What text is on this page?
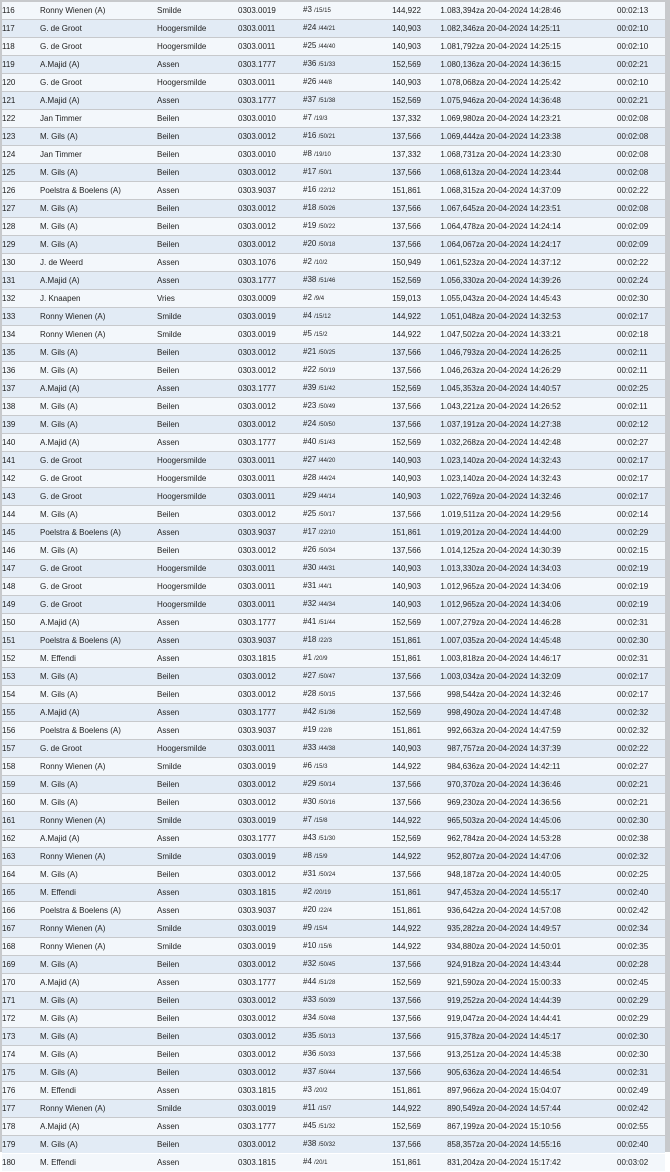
116	Ronny Wienen (A)	Smilde	0303.0019	#3 /15/15	144,922	1.083,394	za 20-04-2024 14:28:46	00:02:13
117	G. de Groot	Hoogersmilde	0303.0011	#24 /44/21	140,903	1.082,346	za 20-04-2024 14:25:11	00:02:10
118	G. de Groot	Hoogersmilde	0303.0011	#25 /44/40	140,903	1.081,792	za 20-04-2024 14:25:15	00:02:10
119	A.Majid (A)	Assen	0303.1777	#36 /51/33	152,569	1.080,136	za 20-04-2024 14:36:15	00:02:21
120	G. de Groot	Hoogersmilde	0303.0011	#26 /44/8	140,903	1.078,068	za 20-04-2024 14:25:42	00:02:10
121	A.Majid (A)	Assen	0303.1777	#37 /51/38	152,569	1.075,946	za 20-04-2024 14:36:48	00:02:21
122	Jan Timmer	Beilen	0303.0010	#7 /19/3	137,332	1.069,980	za 20-04-2024 14:23:21	00:02:08
123	M. Gils (A)	Beilen	0303.0012	#16 /50/21	137,566	1.069,444	za 20-04-2024 14:23:38	00:02:08
124	Jan Timmer	Beilen	0303.0010	#8 /19/10	137,332	1.068,731	za 20-04-2024 14:23:30	00:02:08
125	M. Gils (A)	Beilen	0303.0012	#17 /50/1	137,566	1.068,613	za 20-04-2024 14:23:44	00:02:08
126	Poelstra & Boelens (A)	Assen	0303.9037	#16 /22/12	151,861	1.068,315	za 20-04-2024 14:37:09	00:02:22
127	M. Gils (A)	Beilen	0303.0012	#18 /50/26	137,566	1.067,645	za 20-04-2024 14:23:51	00:02:08
128	M. Gils (A)	Beilen	0303.0012	#19 /50/22	137,566	1.064,478	za 20-04-2024 14:24:14	00:02:09
129	M. Gils (A)	Beilen	0303.0012	#20 /50/18	137,566	1.064,067	za 20-04-2024 14:24:17	00:02:09
130	J. de Weerd	Assen	0303.1076	#2 /10/2	150,949	1.061,523	za 20-04-2024 14:37:12	00:02:22
131	A.Majid (A)	Assen	0303.1777	#38 /51/46	152,569	1.056,330	za 20-04-2024 14:39:26	00:02:24
132	J. Knaapen	Vries	0303.0009	#2 /9/4	159,013	1.055,043	za 20-04-2024 14:45:43	00:02:30
133	Ronny Wienen (A)	Smilde	0303.0019	#4 /15/12	144,922	1.051,048	za 20-04-2024 14:32:53	00:02:17
134	Ronny Wienen (A)	Smilde	0303.0019	#5 /15/2	144,922	1.047,502	za 20-04-2024 14:33:21	00:02:18
135	M. Gils (A)	Beilen	0303.0012	#21 /50/25	137,566	1.046,793	za 20-04-2024 14:26:25	00:02:11
136	M. Gils (A)	Beilen	0303.0012	#22 /50/19	137,566	1.046,263	za 20-04-2024 14:26:29	00:02:11
137	A.Majid (A)	Assen	0303.1777	#39 /51/42	152,569	1.045,353	za 20-04-2024 14:40:57	00:02:25
138	M. Gils (A)	Beilen	0303.0012	#23 /50/49	137,566	1.043,221	za 20-04-2024 14:26:52	00:02:11
139	M. Gils (A)	Beilen	0303.0012	#24 /50/50	137,566	1.037,191	za 20-04-2024 14:27:38	00:02:12
140	A.Majid (A)	Assen	0303.1777	#40 /51/43	152,569	1.032,268	za 20-04-2024 14:42:48	00:02:27
141	G. de Groot	Hoogersmilde	0303.0011	#27 /44/20	140,903	1.023,140	za 20-04-2024 14:32:43	00:02:17
142	G. de Groot	Hoogersmilde	0303.0011	#28 /44/24	140,903	1.023,140	za 20-04-2024 14:32:43	00:02:17
143	G. de Groot	Hoogersmilde	0303.0011	#29 /44/14	140,903	1.022,769	za 20-04-2024 14:32:46	00:02:17
144	M. Gils (A)	Beilen	0303.0012	#25 /50/17	137,566	1.019,511	za 20-04-2024 14:29:56	00:02:14
145	Poelstra & Boelens (A)	Assen	0303.9037	#17 /22/10	151,861	1.019,201	za 20-04-2024 14:44:00	00:02:29
146	M. Gils (A)	Beilen	0303.0012	#26 /50/34	137,566	1.014,125	za 20-04-2024 14:30:39	00:02:15
147	G. de Groot	Hoogersmilde	0303.0011	#30 /44/31	140,903	1.013,330	za 20-04-2024 14:34:03	00:02:19
148	G. de Groot	Hoogersmilde	0303.0011	#31 /44/1	140,903	1.012,965	za 20-04-2024 14:34:06	00:02:19
149	G. de Groot	Hoogersmilde	0303.0011	#32 /44/34	140,903	1.012,965	za 20-04-2024 14:34:06	00:02:19
150	A.Majid (A)	Assen	0303.1777	#41 /51/44	152,569	1.007,279	za 20-04-2024 14:46:28	00:02:31
151	Poelstra & Boelens (A)	Assen	0303.9037	#18 /22/3	151,861	1.007,035	za 20-04-2024 14:45:48	00:02:30
152	M. Effendi	Assen	0303.1815	#1 /20/9	151,861	1.003,818	za 20-04-2024 14:46:17	00:02:31
153	M. Gils (A)	Beilen	0303.0012	#27 /50/47	137,566	1.003,034	za 20-04-2024 14:32:09	00:02:17
154	M. Gils (A)	Beilen	0303.0012	#28 /50/15	137,566	998,544	za 20-04-2024 14:32:46	00:02:17
155	A.Majid (A)	Assen	0303.1777	#42 /51/36	152,569	998,490	za 20-04-2024 14:47:48	00:02:32
156	Poelstra & Boelens (A)	Assen	0303.9037	#19 /22/8	151,861	992,663	za 20-04-2024 14:47:59	00:02:32
157	G. de Groot	Hoogersmilde	0303.0011	#33 /44/38	140,903	987,757	za 20-04-2024 14:37:39	00:02:22
158	Ronny Wienen (A)	Smilde	0303.0019	#6 /15/3	144,922	984,636	za 20-04-2024 14:42:11	00:02:27
159	M. Gils (A)	Beilen	0303.0012	#29 /50/14	137,566	970,370	za 20-04-2024 14:36:46	00:02:21
160	M. Gils (A)	Beilen	0303.0012	#30 /50/16	137,566	969,230	za 20-04-2024 14:36:56	00:02:21
161	Ronny Wienen (A)	Smilde	0303.0019	#7 /15/8	144,922	965,503	za 20-04-2024 14:45:06	00:02:30
162	A.Majid (A)	Assen	0303.1777	#43 /51/30	152,569	962,784	za 20-04-2024 14:53:28	00:02:38
163	Ronny Wienen (A)	Smilde	0303.0019	#8 /15/9	144,922	952,807	za 20-04-2024 14:47:06	00:02:32
164	M. Gils (A)	Beilen	0303.0012	#31 /50/24	137,566	948,187	za 20-04-2024 14:40:05	00:02:25
165	M. Effendi	Assen	0303.1815	#2 /20/19	151,861	947,453	za 20-04-2024 14:55:17	00:02:40
166	Poelstra & Boelens (A)	Assen	0303.9037	#20 /22/4	151,861	936,642	za 20-04-2024 14:57:08	00:02:42
167	Ronny Wienen (A)	Smilde	0303.0019	#9 /15/4	144,922	935,282	za 20-04-2024 14:49:57	00:02:34
168	Ronny Wienen (A)	Smilde	0303.0019	#10 /15/6	144,922	934,880	za 20-04-2024 14:50:01	00:02:35
169	M. Gils (A)	Beilen	0303.0012	#32 /50/45	137,566	924,918	za 20-04-2024 14:43:44	00:02:28
170	A.Majid (A)	Assen	0303.1777	#44 /51/28	152,569	921,590	za 20-04-2024 15:00:33	00:02:45
171	M. Gils (A)	Beilen	0303.0012	#33 /50/39	137,566	919,252	za 20-04-2024 14:44:39	00:02:29
172	M. Gils (A)	Beilen	0303.0012	#34 /50/48	137,566	919,047	za 20-04-2024 14:44:41	00:02:29
173	M. Gils (A)	Beilen	0303.0012	#35 /50/13	137,566	915,378	za 20-04-2024 14:45:17	00:02:30
174	M. Gils (A)	Beilen	0303.0012	#36 /50/33	137,566	913,251	za 20-04-2024 14:45:38	00:02:30
175	M. Gils (A)	Beilen	0303.0012	#37 /50/44	137,566	905,636	za 20-04-2024 14:46:54	00:02:31
176	M. Effendi	Assen	0303.1815	#3 /20/2	151,861	897,966	za 20-04-2024 15:04:07	00:02:49
177	Ronny Wienen (A)	Smilde	0303.0019	#11 /15/7	144,922	890,549	za 20-04-2024 14:57:44	00:02:42
178	A.Majid (A)	Assen	0303.1777	#45 /51/32	152,569	867,199	za 20-04-2024 15:10:56	00:02:55
179	M. Gils (A)	Beilen	0303.0012	#38 /50/32	137,566	858,357	za 20-04-2024 14:55:16	00:02:40
180	M. Effendi	Assen	0303.1815	#4 /20/1	151,861	831,204	za 20-04-2024 15:17:42	00:03:02
